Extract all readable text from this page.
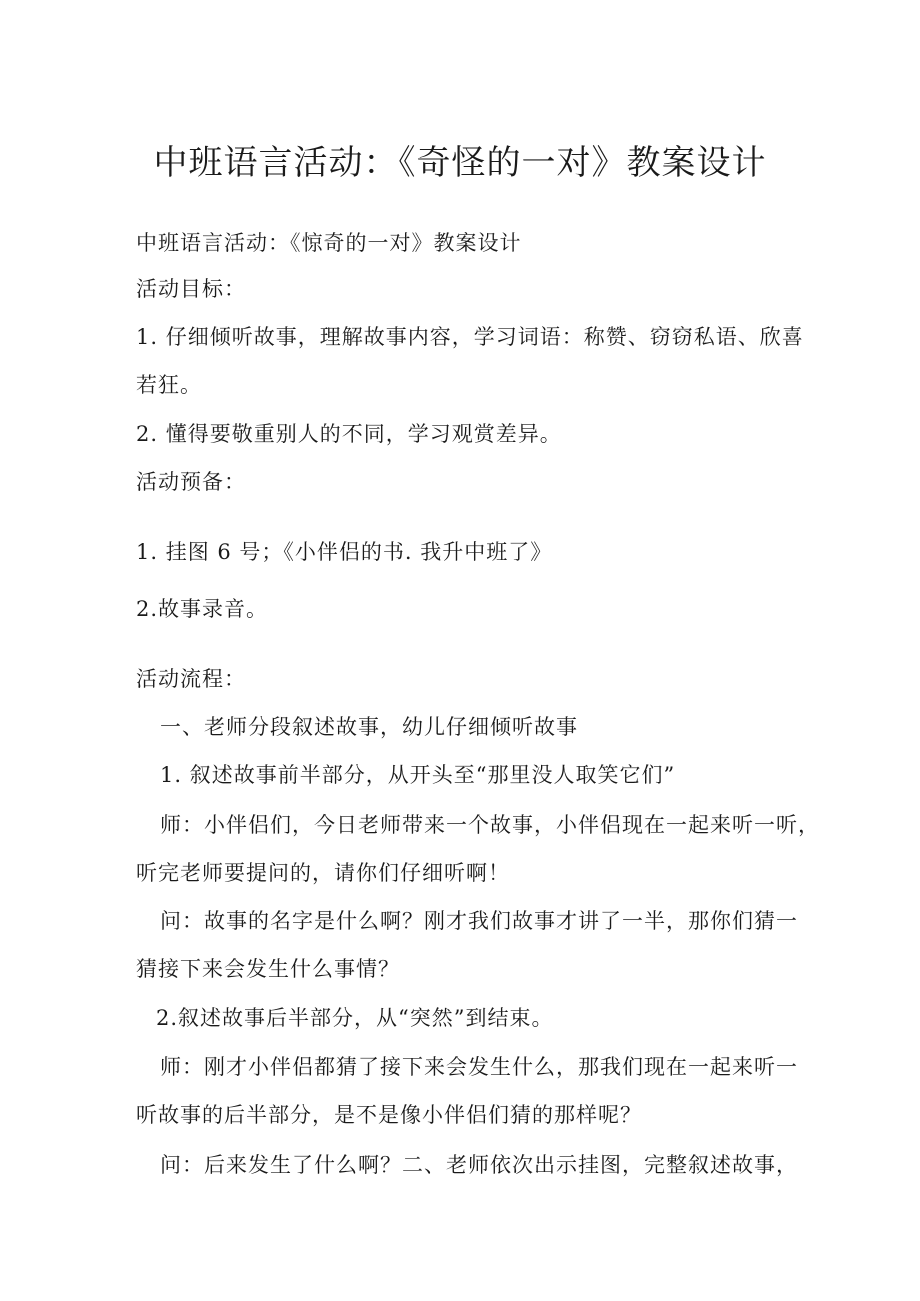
中班语言活动：《奇怪的一对》教案设计
中班语言活动：《惊奇的一对》教案设计
活动目标：
1. 仔细倾听故事，理解故事内容，学习词语：称赞、窃窃私语、欣喜
若狂。
2. 懂得要敬重别人的不同，学习观赏差异。
活动预备：
1. 挂图 6 号；《小伴侣的书. 我升中班了》
2.故事录音。
活动流程：
一、老师分段叙述故事，幼儿仔细倾听故事
1. 叙述故事前半部分，从开头至“那里没人取笑它们”
师：小伴侣们，今日老师带来一个故事，小伴侣现在一起来听一听，
听完老师要提问的，请你们仔细听啊！
问：故事的名字是什么啊？刚才我们故事才讲了一半，那你们猜一
猜接下来会发生什么事情？
2.叙述故事后半部分，从“突然”到结束。
师：刚才小伴侣都猜了接下来会发生什么，那我们现在一起来听一
听故事的后半部分，是不是像小伴侣们猜的那样呢？
问：后来发生了什么啊？二、老师依次出示挂图，完整叙述故事，
